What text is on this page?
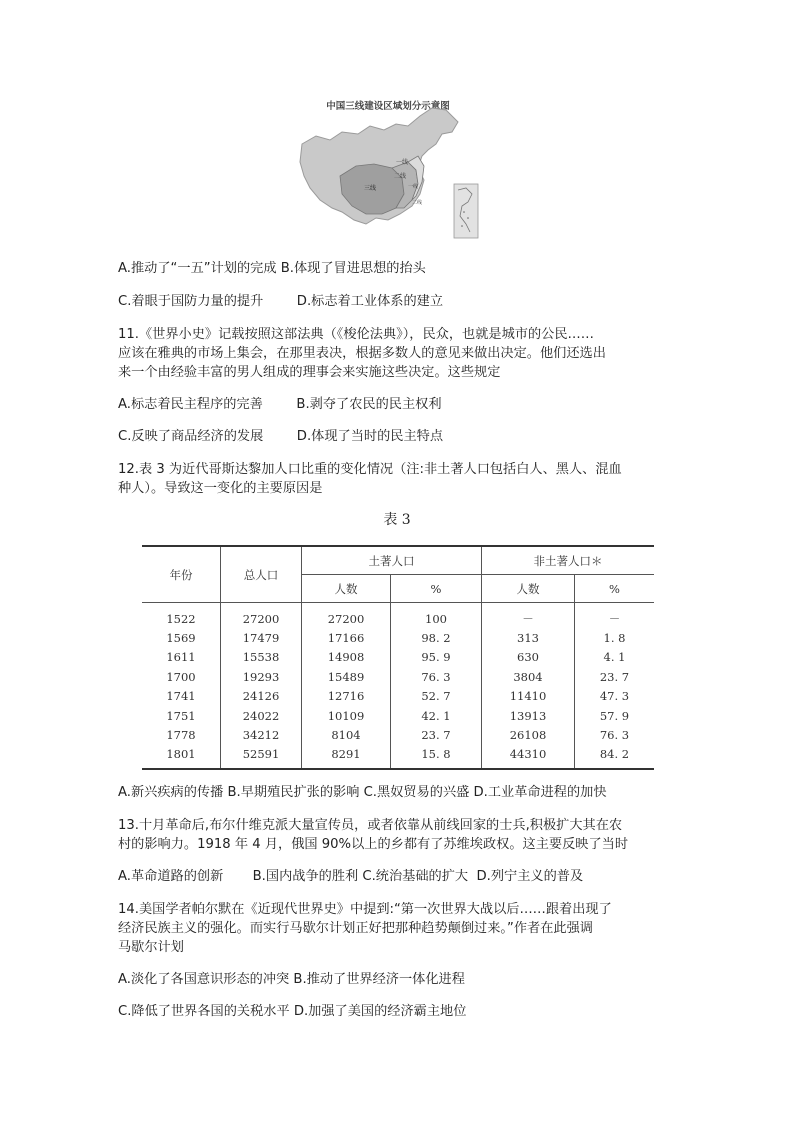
中国三线建设区域划分示意图
一线
二线
三线	一线
二线
A.推动了“一五”计划的完成 B.体现了冒进思想的抬头
C.着眼于国防力量的提升        D.标志着工业体系的建立
11.《世界小史》记载按照这部法典（《梭伦法典》），民众，也就是城市的公民……
应该在雅典的市场上集会，在那里表决，根据多数人的意见来做出决定。他们还选出
来一个由经验丰富的男人组成的理事会来实施这些决定。这些规定
A.标志着民主程序的完善        B.剥夺了农民的民主权利
C.反映了商品经济的发展        D.体现了当时的民主特点
12.表 3 为近代哥斯达黎加人口比重的变化情况（注:非土著人口包括白人、黑人、混血
种人）。导致这一变化的主要原因是
表 3
年份	总人口	土著人口		非土著人口＊	
		人数	%	人数	%
1522	27200	27200	100	－	－
1569	17479	17166	98. 2	313	1. 8
1611	15538	14908	95. 9	630	4. 1
1700	19293	15489	76. 3	3804	23. 7
1741	24126	12716	52. 7	11410	47. 3
1751	24022	10109	42. 1	13913	57. 9
1778	34212	8104	23. 7	26108	76. 3
1801	52591	8291	15. 8	44310	84. 2
A.新兴疾病的传播 B.早期殖民扩张的影响 C.黑奴贸易的兴盛 D.工业革命进程的加快
13.十月革命后,布尔什维克派大量宣传员，或者依靠从前线回家的士兵,积极扩大其在农
村的影响力。1918 年 4 月，俄国 90%以上的乡都有了苏维埃政权。这主要反映了当时
A.革命道路的创新       B.国内战争的胜利 C.统治基础的扩大  D.列宁主义的普及
14.美国学者帕尔默在《近现代世界史》中提到:“第一次世界大战以后……跟着出现了
经济民族主义的强化。而实行马歇尔计划正好把那种趋势颠倒过来。”作者在此强调
马歇尔计划
A.淡化了各国意识形态的冲突 B.推动了世界经济一体化进程
C.降低了世界各国的关税水平 D.加强了美国的经济霸主地位
